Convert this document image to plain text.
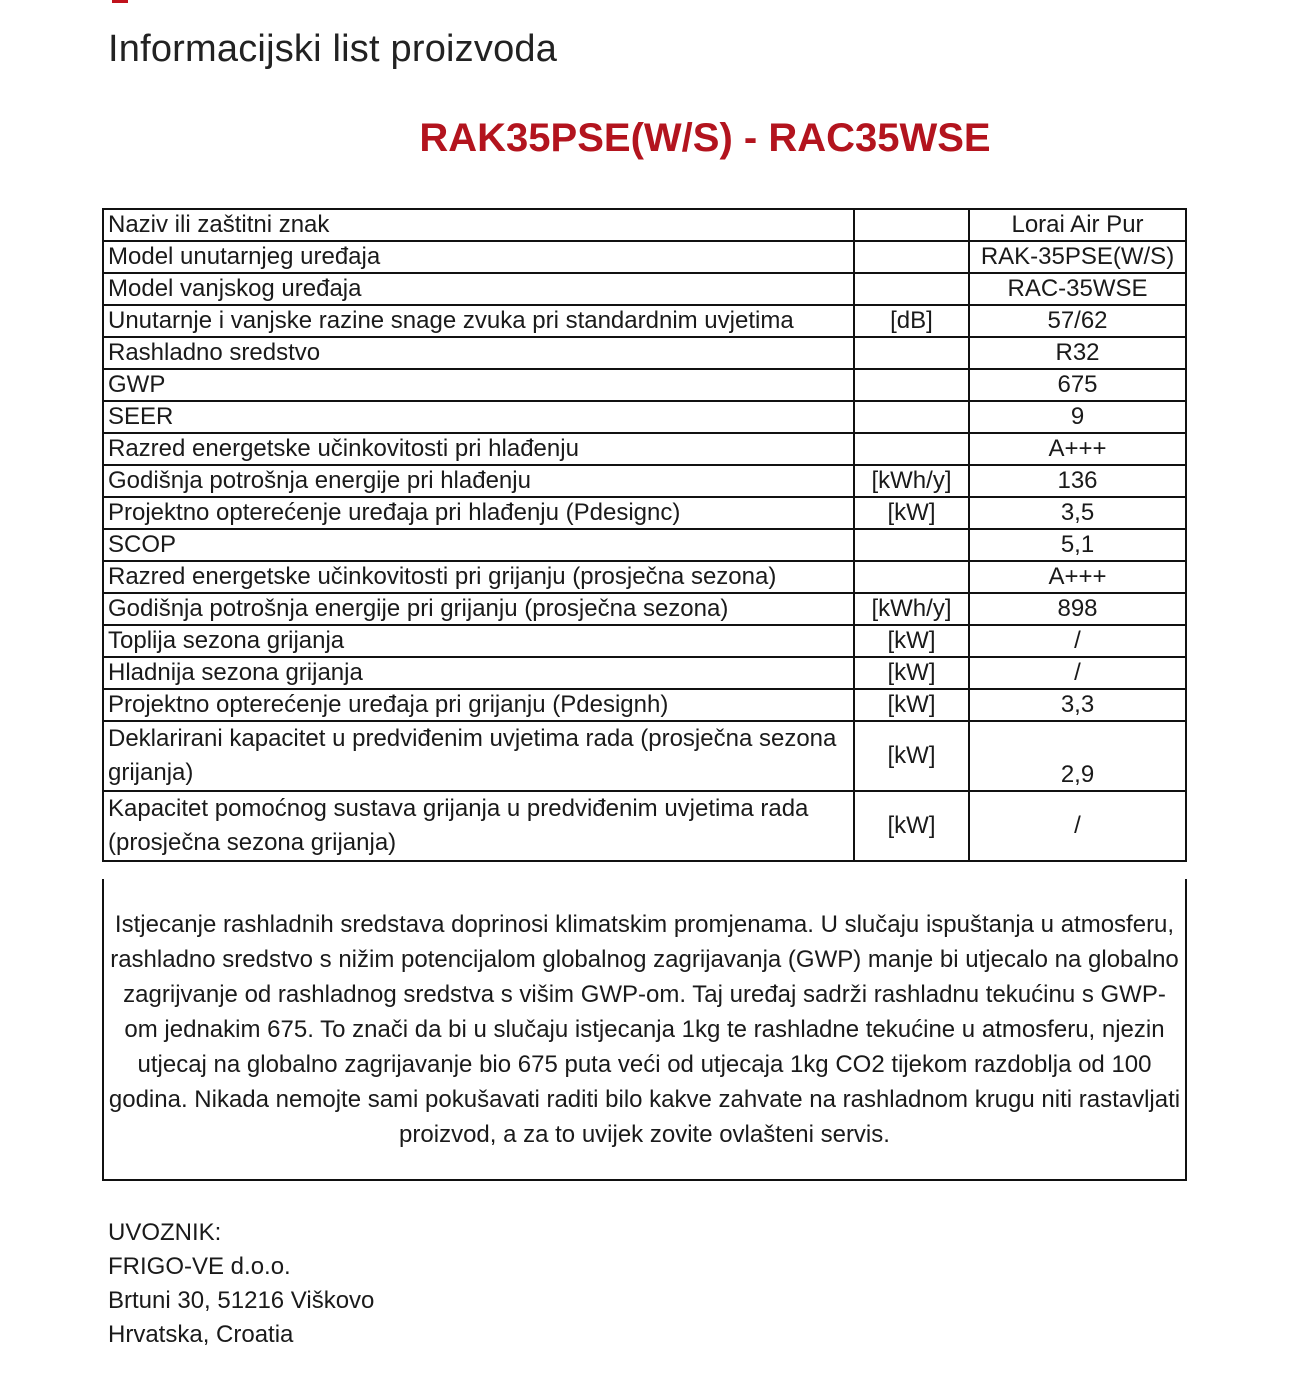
Informacijski list proizvoda
RAK35PSE(W/S) - RAC35WSE
Naziv ili zaštitni znak		Lorai Air Pur
Model unutarnjeg uređaja		RAK-35PSE(W/S)
Model vanjskog uređaja		RAC-35WSE
Unutarnje i vanjske razine snage zvuka pri standardnim uvjetima	[dB]	57/62
Rashladno sredstvo		R32
GWP		675
SEER		9
Razred energetske učinkovitosti pri hlađenju		A+++
Godišnja potrošnja energije pri hlađenju	[kWh/y]	136
Projektno opterećenje uređaja pri hlađenju (Pdesignc)	[kW]	3,5
SCOP		5,1
Razred energetske učinkovitosti pri grijanju (prosječna sezona)		A+++
Godišnja potrošnja energije pri grijanju (prosječna sezona)	[kWh/y]	898
Toplija sezona grijanja	[kW]	/
Hladnija sezona grijanja	[kW]	/
Projektno opterećenje uređaja pri grijanju (Pdesignh)	[kW]	3,3
Deklarirani kapacitet u predviđenim uvjetima rada (prosječna sezona grijanja)	[kW]	2,9
Kapacitet pomoćnog sustava grijanja u predviđenim uvjetima rada (prosječna sezona grijanja)	[kW]	/

Istjecanje rashladnih sredstava doprinosi klimatskim promjenama. U slučaju ispuštanja u atmosferu, rashladno sredstvo s nižim potencijalom globalnog zagrijavanja (GWP) manje bi utjecalo na globalno zagrijvanje od rashladnog sredstva s višim GWP-om. Taj uređaj sadrži rashladnu tekućinu s GWP-om jednakim 675. To znači da bi u slučaju istjecanja 1kg te rashladne tekućine u atmosferu, njezin utjecaj na globalno zagrijavanje bio 675 puta veći od utjecaja 1kg CO2 tijekom razdoblja od 100 godina. Nikada nemojte sami pokušavati raditi bilo kakve zahvate na rashladnom krugu niti rastavljati proizvod, a za to uvijek zovite ovlašteni servis.

UVOZNIK:
FRIGO-VE d.o.o.
Brtuni 30, 51216 Viškovo
Hrvatska, Croatia
